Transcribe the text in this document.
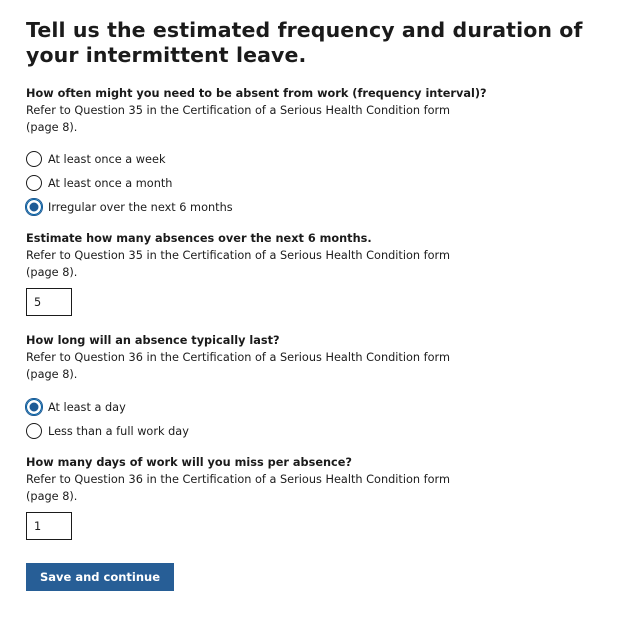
Tell us the estimated frequency and duration of your intermittent leave.
How often might you need to be absent from work (frequency interval)?
Refer to Question 35 in the Certification of a Serious Health Condition form (page 8).
At least once a week
At least once a month
Irregular over the next 6 months
Estimate how many absences over the next 6 months.
Refer to Question 35 in the Certification of a Serious Health Condition form (page 8).
5
How long will an absence typically last?
Refer to Question 36 in the Certification of a Serious Health Condition form (page 8).
At least a day
Less than a full work day
How many days of work will you miss per absence?
Refer to Question 36 in the Certification of a Serious Health Condition form (page 8).
1
Save and continue
